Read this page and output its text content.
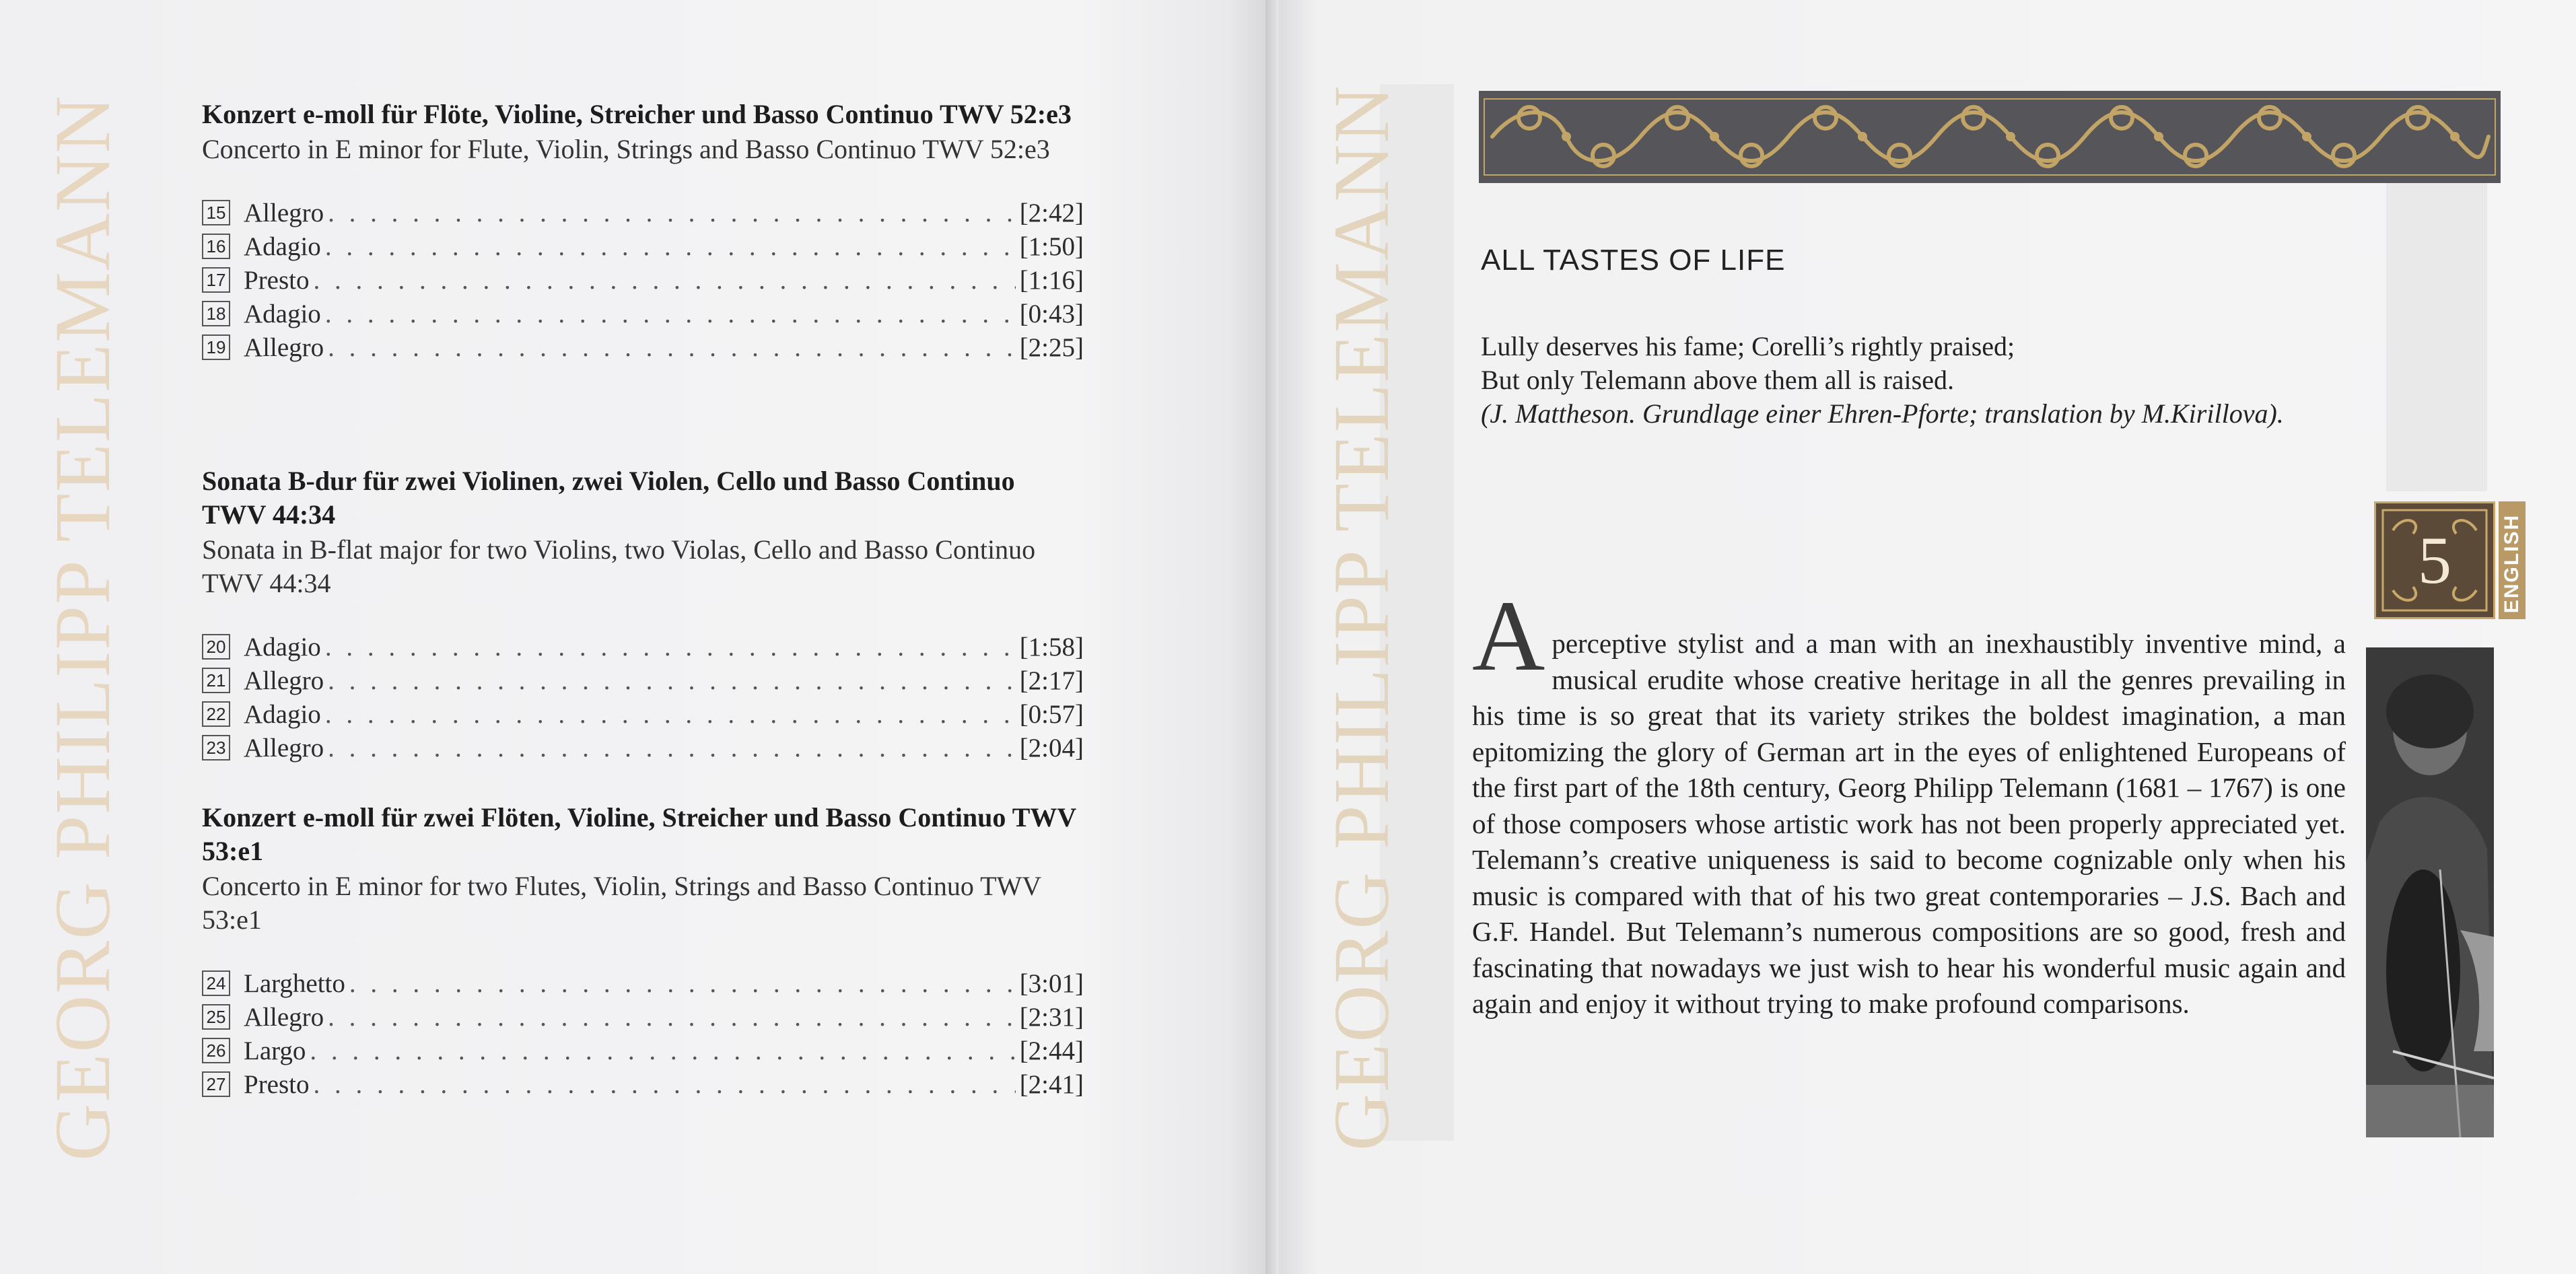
GEORG PHILIPP TELEMANN	Konzert e-moll für Flöte, Violine, Streicher und Basso Continuo TWV 52:e3
Concerto in E minor for Flute, Violin, Strings and Basso Continuo TWV 52:e3
15 Allegro . . .	[2:42]
16 Adagio . . .	[1:50]
17 Presto . . .	[1:16]
18 Adagio . . .	[0:43]
19 Allegro . . .	[2:25]
Sonata B-dur für zwei Violinen, zwei Violen, Cello und Basso Continuo TWV 44:34
Sonata in B-flat major for two Violins, two Violas, Cello and Basso Continuo TWV 44:34
20 Adagio . . .	[1:58]
21 Allegro . . .	[2:17]
22 Adagio . . .	[0:57]
23 Allegro . . .	[2:04]
Konzert e-moll für zwei Flöten, Violine, Streicher und Basso Continuo TWV 53:e1
Concerto in E minor for two Flutes, Violin, Strings and Basso Continuo TWV 53:e1
24 Larghetto . . .	[3:01]
25 Allegro . . .	[2:31]
26 Largo . . .	[2:44]
27 Presto . . .	[2:41]	GEORG PHILIPP TELEMANN	ALL TASTES OF LIFE
Lully deserves his fame; Corelli’s rightly praised;
But only Telemann above them all is raised.
(J. Mattheson. Grundlage einer Ehren-Pforte; translation by M.Kirillova).
A perceptive stylist and a man with an inexhaustibly inventive mind, a musical erudite whose creative heritage in all the genres prevailing in his time is so great that its variety strikes the boldest imagination, a man epitomizing the glory of German art in the eyes of enlightened Europeans of the first part of the 18th century, Georg Philipp Telemann (1681 – 1767) is one of those composers whose artistic work has not been properly appreciated yet. Telemann’s creative uniqueness is said to become cognizable only when his music is compared with that of his two great contemporaries – J.S. Bach and G.F. Handel. But Telemann’s numerous compositions are so good, fresh and fascinating that nowadays we just wish to hear his wonderful music again and again and enjoy it without trying to make profound comparisons.
5	ENGLISH
